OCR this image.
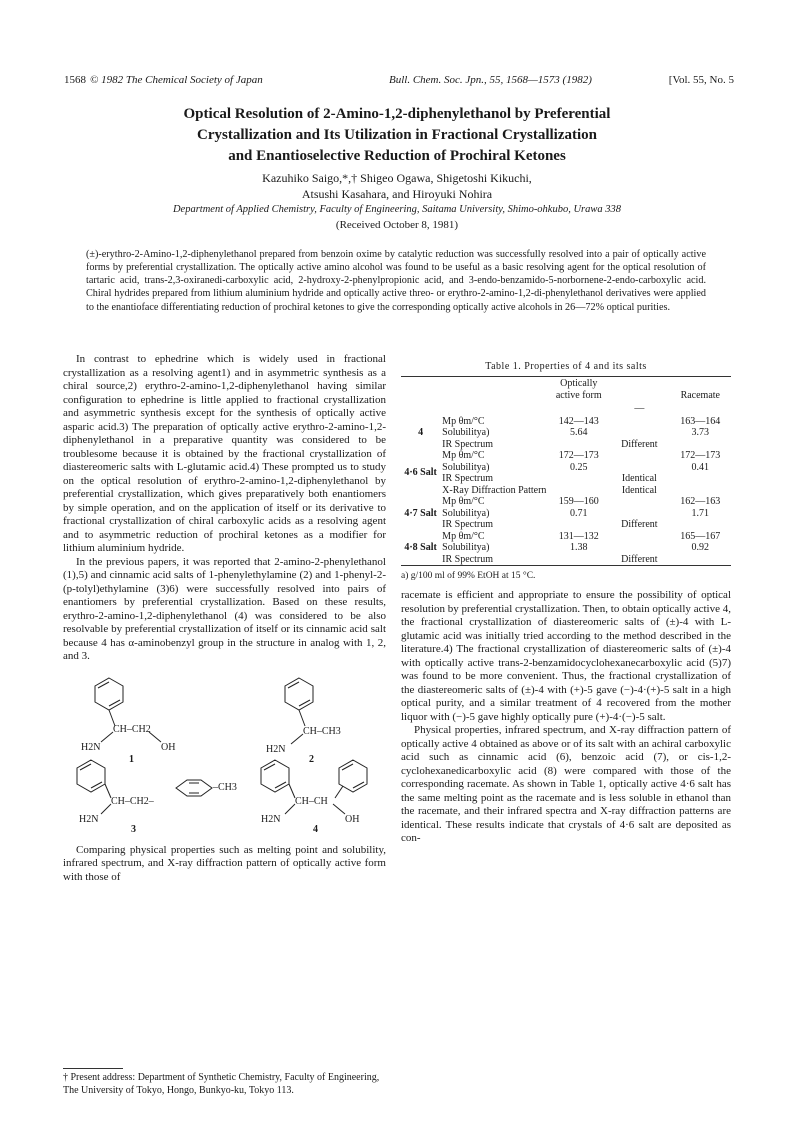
1568 © 1982 The Chemical Society of Japan	Bull. Chem. Soc. Jpn., 55, 1568—1573 (1982)	[Vol. 55, No. 5
Optical Resolution of 2-Amino-1,2-diphenylethanol by Preferential
Crystallization and Its Utilization in Fractional Crystallization
and Enantioselective Reduction of Prochiral Ketones
Kazuhiko Saigo,*,† Shigeo Ogawa, Shigetoshi Kikuchi,
Atsushi Kasahara, and Hiroyuki Nohira
Department of Applied Chemistry, Faculty of Engineering, Saitama University, Shimo-ohkubo, Urawa 338
(Received October 8, 1981)

(±)-erythro-2-Amino-1,2-diphenylethanol prepared from benzoin oxime by catalytic reduction was successfully resolved into a pair of optically active forms by preferential crystallization. The optically active amino alcohol was found to be useful as a basic resolving agent for the optical resolution of tartaric acid, trans-2,3-oxiranedi-carboxylic acid, 2-hydroxy-2-phenylpropionic acid, and 3-endo-benzamido-5-norbornene-2-endo-carboxylic acid. Chiral hydrides prepared from lithium aluminium hydride and optically active threo- or erythro-2-amino-1,2-di-phenylethanol derivatives were applied to the enantioface differentiating reduction of prochiral ketones to give the corresponding optically active alcohols in 26—72% optical purities.

In contrast to ephedrine which is widely used in fractional crystallization as a resolving agent1) and in asymmetric synthesis as a chiral source,2) erythro-2-amino-1,2-diphenylethanol having similar configuration to ephedrine is little applied to fractional crystallization and asymmetric synthesis except for the synthesis of optically active asparic acid.3) The preparation of optically active erythro-2-amino-1,2-diphenylethanol in a preparative quantity was considered to be troublesome because it is obtained by the fractional crystallization of diastereomeric salts with L-glutamic acid.4) These prompted us to study on the optical resolution of erythro-2-amino-1,2-diphenylethanol by preferential crystallization, which gives preparatively both enantiomers by simple operation, and on the application of itself or its derivative to fractional crystallization of chiral carboxylic acids as a resolving agent and to asymmetric reduction of prochiral ketones as a modifier for lithium aluminium hydride.

In the previous papers, it was reported that 2-amino-2-phenylethanol (1),5) and cinnamic acid salts of 1-phenylethylamine (2) and 1-phenyl-2-(p-tolyl)ethylamine (3)6) were successfully resolved into pairs of enantiomers by preferential crystallization. Based on these results, erythro-2-amino-1,2-diphenylethanol (4) was considered to be also resolvable by preferential crystallization of itself or its cinnamic acid salt because 4 has α-aminobenzyl group in the structure in analog with 1, 2, and 3.

CH–CH2
H2N	OH
1
CH–CH3
H2N
2
CH–CH2–
–CH3
H2N
3
CH–CH
H2N	OH
4

Comparing physical properties such as melting point and solubility, infrared spectrum, and X-ray diffraction pattern of optically active form with those of

† Present address: Department of Synthetic Chemistry, Faculty of Engineering, The University of Tokyo, Hongo, Bunkyo-ku, Tokyo 113.
Table 1. Properties of 4 and its salts
		Optically active form		Racemate
			—	
4	Mp θm/°C	142—143		163—164
	Solubilitya)	5.64		3.73
	IR Spectrum		Different	
4·6 Salt	Mp θm/°C	172—173		172—173
	Solubilitya)	0.25		0.41
	IR Spectrum		Identical	
	X-Ray Diffraction Pattern		Identical	
4·7 Salt	Mp θm/°C	159—160		162—163
	Solubilitya)	0.71		1.71
	IR Spectrum		Different	
4·8 Salt	Mp θm/°C	131—132		165—167
	Solubilitya)	1.38		0.92
	IR Spectrum		Different	
a) g/100 ml of 99% EtOH at 15 °C.

racemate is efficient and appropriate to ensure the possibility of optical resolution by preferential crystallization. Then, to obtain optically active 4, the fractional crystallization of diastereomeric salts of (±)-4 with L-glutamic acid was initially tried according to the method described in the literature.4) The fractional crystallization of diastereomeric salts of (±)-4 with optically active trans-2-benzamidocyclohexanecarboxylic acid (5)7) was found to be more convenient. Thus, the fractional crystallization of the diastereomeric salts of (±)-4 with (+)-5 gave (−)-4·(+)-5 salt in a high optical purity, and a similar treatment of 4 recovered from the mother liquor with (−)-5 gave highly optically pure (+)-4·(−)-5 salt.

Physical properties, infrared spectrum, and X-ray diffraction pattern of optically active 4 obtained as above or of its salt with an achiral carboxylic acid such as cinnamic acid (6), benzoic acid (7), or cis-1,2-cyclohexanedicarboxylic acid (8) were compared with those of the corresponding racemate. As shown in Table 1, optically active 4·6 salt has the same melting point as the racemate and is less soluble in ethanol than the racemate, and their infrared spectra and X-ray diffraction patterns are identical. These results indicate that crystals of 4·6 salt are deposited as con-
